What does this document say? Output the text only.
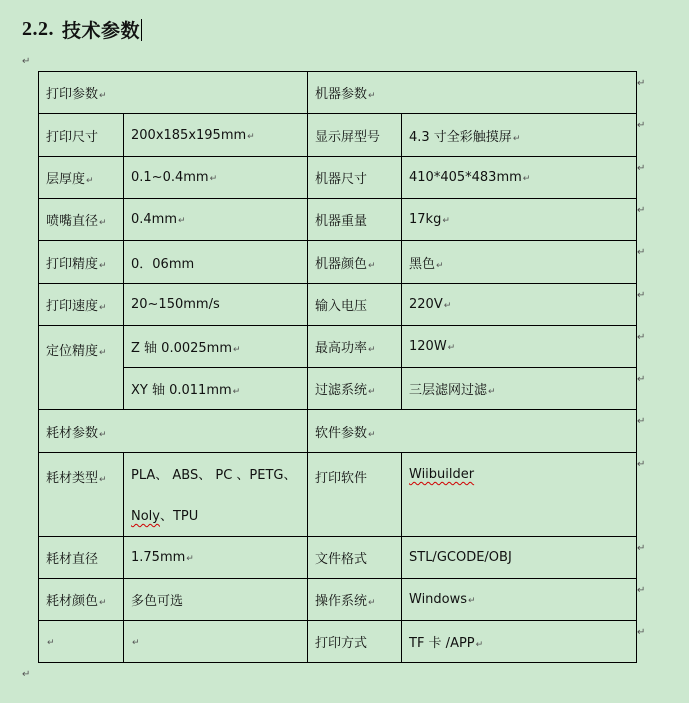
2.2. 技术参数
↵
打印参数↵		机器参数↵	
打印尺寸	200x185x195mm↵	显示屏型号	4.3 寸全彩触摸屏↵
层厚度↵	0.1~0.4mm↵	机器尺寸	410*405*483mm↵
喷嘴直径↵	0.4mm↵	机器重量	17kg↵
打印精度↵	0．06mm	机器颜色↵	黑色↵
打印速度↵	20~150mm/s	输入电压	220V↵
定位精度↵	Z 轴 0.0025mm↵	最高功率↵	120W↵
	XY 轴 0.011mm↵	过滤系统↵	三层滤网过滤↵
耗材参数↵		软件参数↵	
耗材类型↵	PLA、 ABS、 PC 、PETG、
Noly、TPU	打印软件	Wiibuilder
耗材直径	1.75mm↵	文件格式	STL/GCODE/OBJ
耗材颜色↵	多色可选	操作系统↵	Windows↵
↵	↵	打印方式	TF 卡 /APP↵
↵
↵
↵
↵
↵
↵
↵
↵
↵
↵
↵
↵
↵
↵
